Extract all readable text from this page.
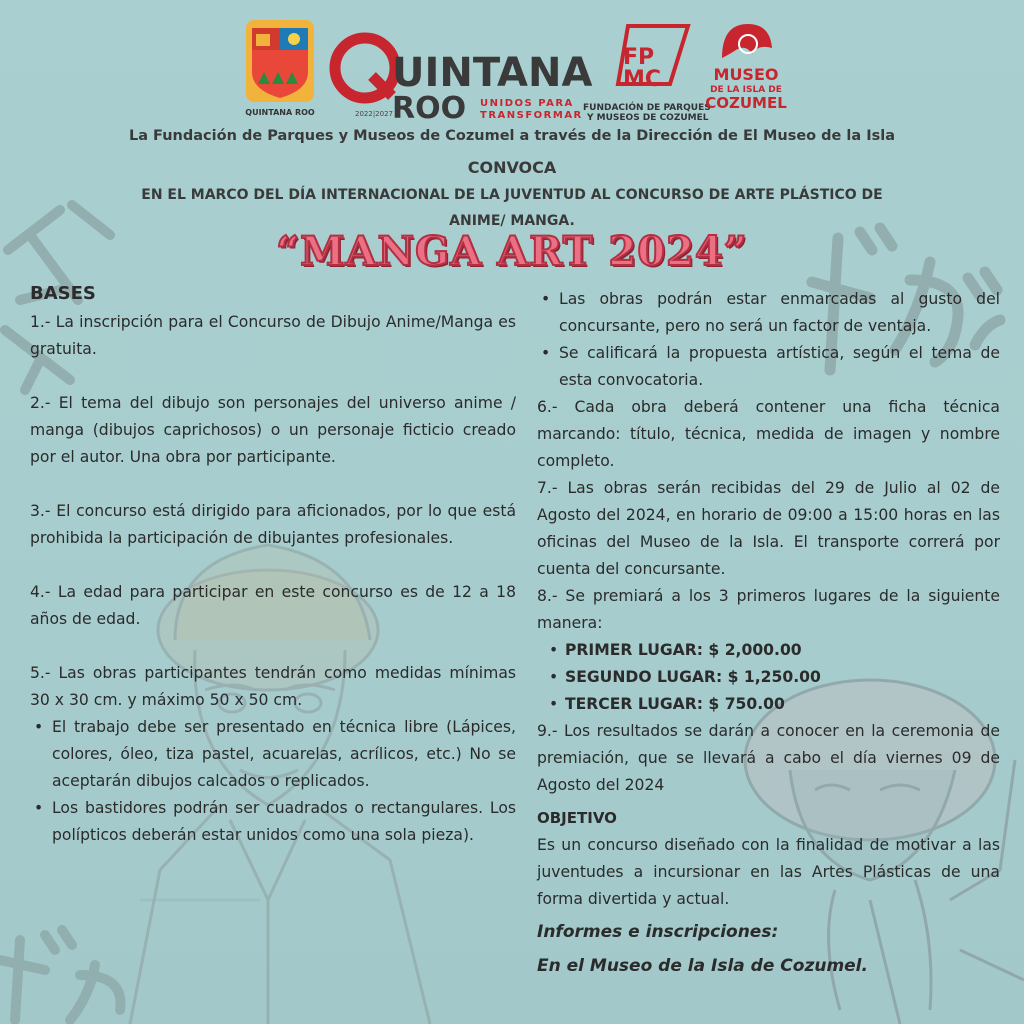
QUINTANA ROO
UINTANA
ROO
2022|2027
UNIDOS PARA
TRANSFORMAR
FP
MC
FUNDACIÓN DE PARQUES
Y MUSEOS DE COZUMEL
MUSEO
DE LA ISLA DE
COZUMEL
La Fundación de Parques y Museos de Cozumel a través de la Dirección de El Museo de la Isla
CONVOCA
EN EL MARCO DEL DÍA INTERNACIONAL DE LA JUVENTUD AL CONCURSO DE ARTE PLÁSTICO DE
ANIME/ MANGA.
“MANGA ART 2024”
BASES

1.- La inscripción para el Concurso de Dibujo Anime/Manga es gratuita.

2.- El tema del dibujo son personajes del universo anime / manga (dibujos caprichosos) o un personaje ficticio creado por el autor. Una obra por participante.

3.- El concurso está dirigido para aficionados, por lo que está prohibida la participación de dibujantes profesionales.

4.- La edad para participar en este concurso es de 12 a 18 años de edad.

5.- Las obras participantes tendrán como medidas mínimas 30 x 30 cm. y máximo 50 x 50 cm.

• El trabajo debe ser presentado en técnica libre (Lápices, colores, óleo, tiza pastel, acuarelas, acrílicos, etc.) No se aceptarán dibujos calcados o replicados.
• Los bastidores podrán ser cuadrados o rectangulares. Los polípticos deberán estar unidos como una sola pieza).
• Las obras podrán estar enmarcadas al gusto del concursante, pero no será un factor de ventaja.
• Se calificará la propuesta artística, según el tema de esta convocatoria.

6.- Cada obra deberá contener una ficha técnica marcando: título, técnica, medida de imagen y nombre completo.

7.- Las obras serán recibidas del 29 de Julio al 02 de Agosto del 2024, en horario de 09:00 a 15:00 horas en las oficinas del Museo de la Isla. El transporte correrá por cuenta del concursante.

8.- Se premiará a los 3 primeros lugares de la siguiente manera:

• PRIMER LUGAR: $ 2,000.00
• SEGUNDO LUGAR: $ 1,250.00
• TERCER LUGAR: $ 750.00

9.- Los resultados se darán a conocer en la ceremonia de premiación, que se llevará a cabo el día viernes 09 de Agosto del 2024

OBJETIVO

Es un concurso diseñado con la finalidad de motivar a las juventudes a incursionar en las Artes Plásticas de una forma divertida y actual.

Informes e inscripciones:
En el Museo de la Isla de Cozumel.
